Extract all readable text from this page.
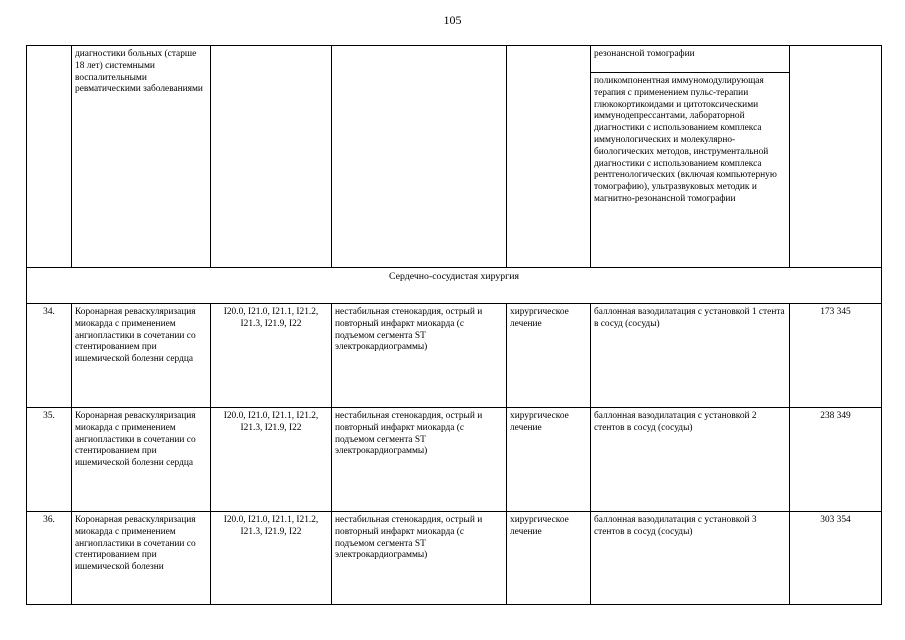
105
	диагностики больных (старше 18 лет) системными воспалительными ревматическими заболеваниями				резонансной томографии	
					поликомпонентная иммуномодулирующая терапия с применением пульс-терапии глюкокортикоидами и цитотоксическими иммунодепрессантами, лабораторной диагностики с использованием комплекса иммунологических и молекулярно-биологических методов, инструментальной диагностики с использованием комплекса рентгенологических (включая компьютерную томографию), ультразвуковых методик и магнитно-резонансной томографии	
Сердечно-сосудистая хирургия						
34.	Коронарная реваскуляризация миокарда с применением ангиопластики в сочетании со стентированием при ишемической болезни сердца	I20.0, I21.0, I21.1, I21.2, I21.3, I21.9, I22	нестабильная стенокардия, острый и повторный инфаркт миокарда (с подъемом сегмента ST электрокардиограммы)	хирургическое лечение	баллонная вазодилатация с установкой 1 стента в сосуд (сосуды)	173 345
35.	Коронарная реваскуляризация миокарда с применением ангиопластики в сочетании со стентированием при ишемической болезни сердца	I20.0, I21.0, I21.1, I21.2, I21.3, I21.9, I22	нестабильная стенокардия, острый и повторный инфаркт миокарда (с подъемом сегмента ST электрокардиограммы)	хирургическое лечение	баллонная вазодилатация с установкой 2 стентов в сосуд (сосуды)	238 349
36.	Коронарная реваскуляризация миокарда с применением ангиопластики в сочетании со стентированием при ишемической болезни	I20.0, I21.0, I21.1, I21.2, I21.3, I21.9, I22	нестабильная стенокардия, острый и повторный инфаркт миокарда (с подъемом сегмента ST электрокардиограммы)	хирургическое лечение	баллонная вазодилатация с установкой 3 стентов в сосуд (сосуды)	303 354
